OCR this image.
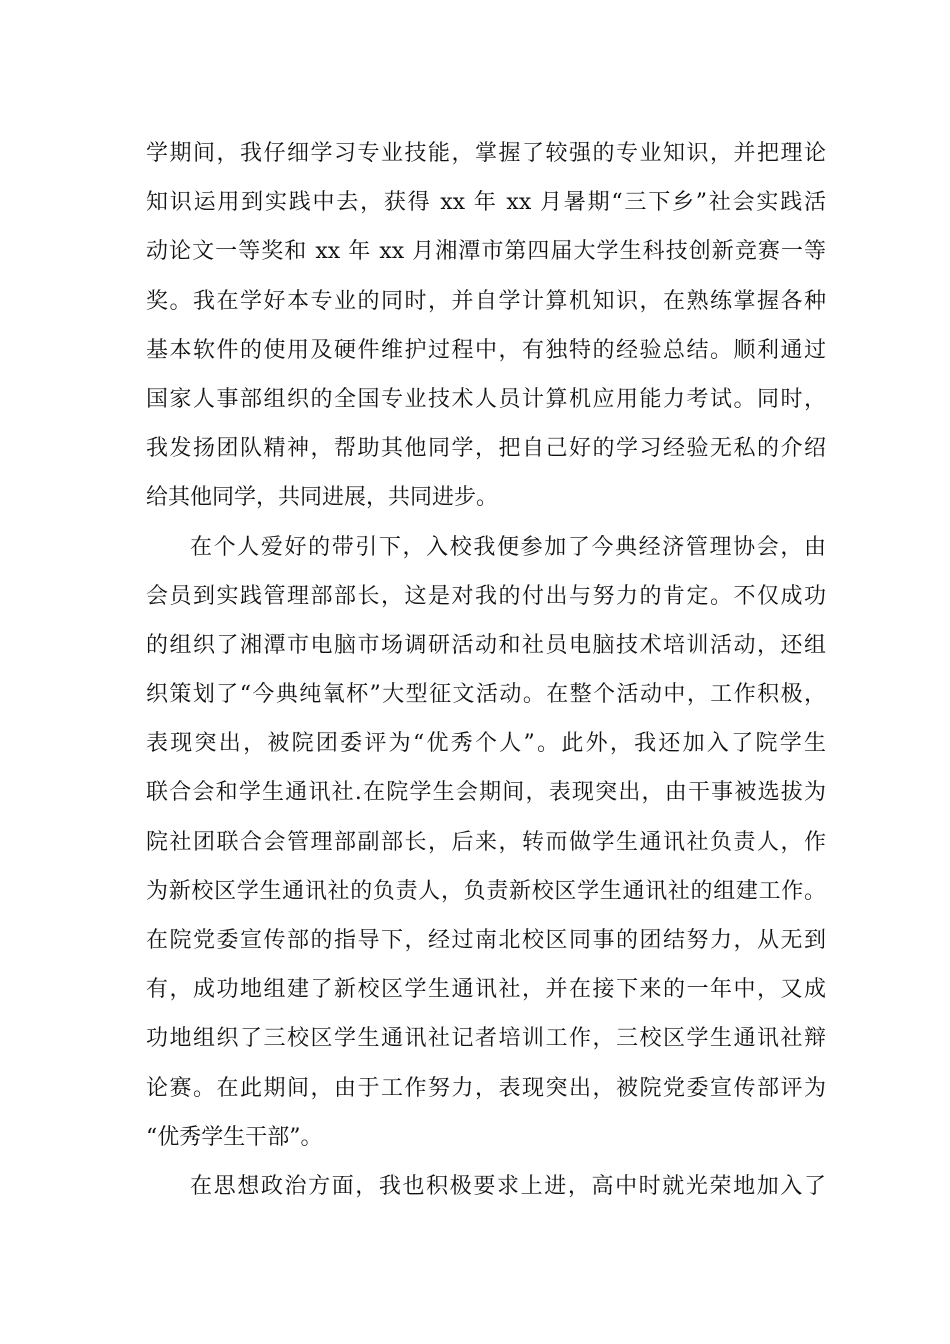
学期间，我仔细学习专业技能，掌握了较强的专业知识，并把理论
知识运用到实践中去，获得 xx 年 xx 月暑期“三下乡”社会实践活
动论文一等奖和 xx 年 xx 月湘潭市第四届大学生科技创新竞赛一等
奖。我在学好本专业的同时，并自学计算机知识，在熟练掌握各种
基本软件的使用及硬件维护过程中，有独特的经验总结。顺利通过
国家人事部组织的全国专业技术人员计算机应用能力考试。同时，
我发扬团队精神，帮助其他同学，把自己好的学习经验无私的介绍
给其他同学，共同进展，共同进步。
在个人爱好的带引下，入校我便参加了今典经济管理协会，由
会员到实践管理部部长，这是对我的付出与努力的肯定。不仅成功
的组织了湘潭市电脑市场调研活动和社员电脑技术培训活动，还组
织策划了“今典纯氧杯”大型征文活动。在整个活动中，工作积极，
表现突出，被院团委评为“优秀个人”。此外，我还加入了院学生
联合会和学生通讯社.在院学生会期间，表现突出，由干事被选拔为
院社团联合会管理部副部长，后来，转而做学生通讯社负责人，作
为新校区学生通讯社的负责人，负责新校区学生通讯社的组建工作。
在院党委宣传部的指导下，经过南北校区同事的团结努力，从无到
有，成功地组建了新校区学生通讯社，并在接下来的一年中，又成
功地组织了三校区学生通讯社记者培训工作，三校区学生通讯社辩
论赛。在此期间，由于工作努力，表现突出，被院党委宣传部评为
“优秀学生干部”。
在思想政治方面，我也积极要求上进，高中时就光荣地加入了
